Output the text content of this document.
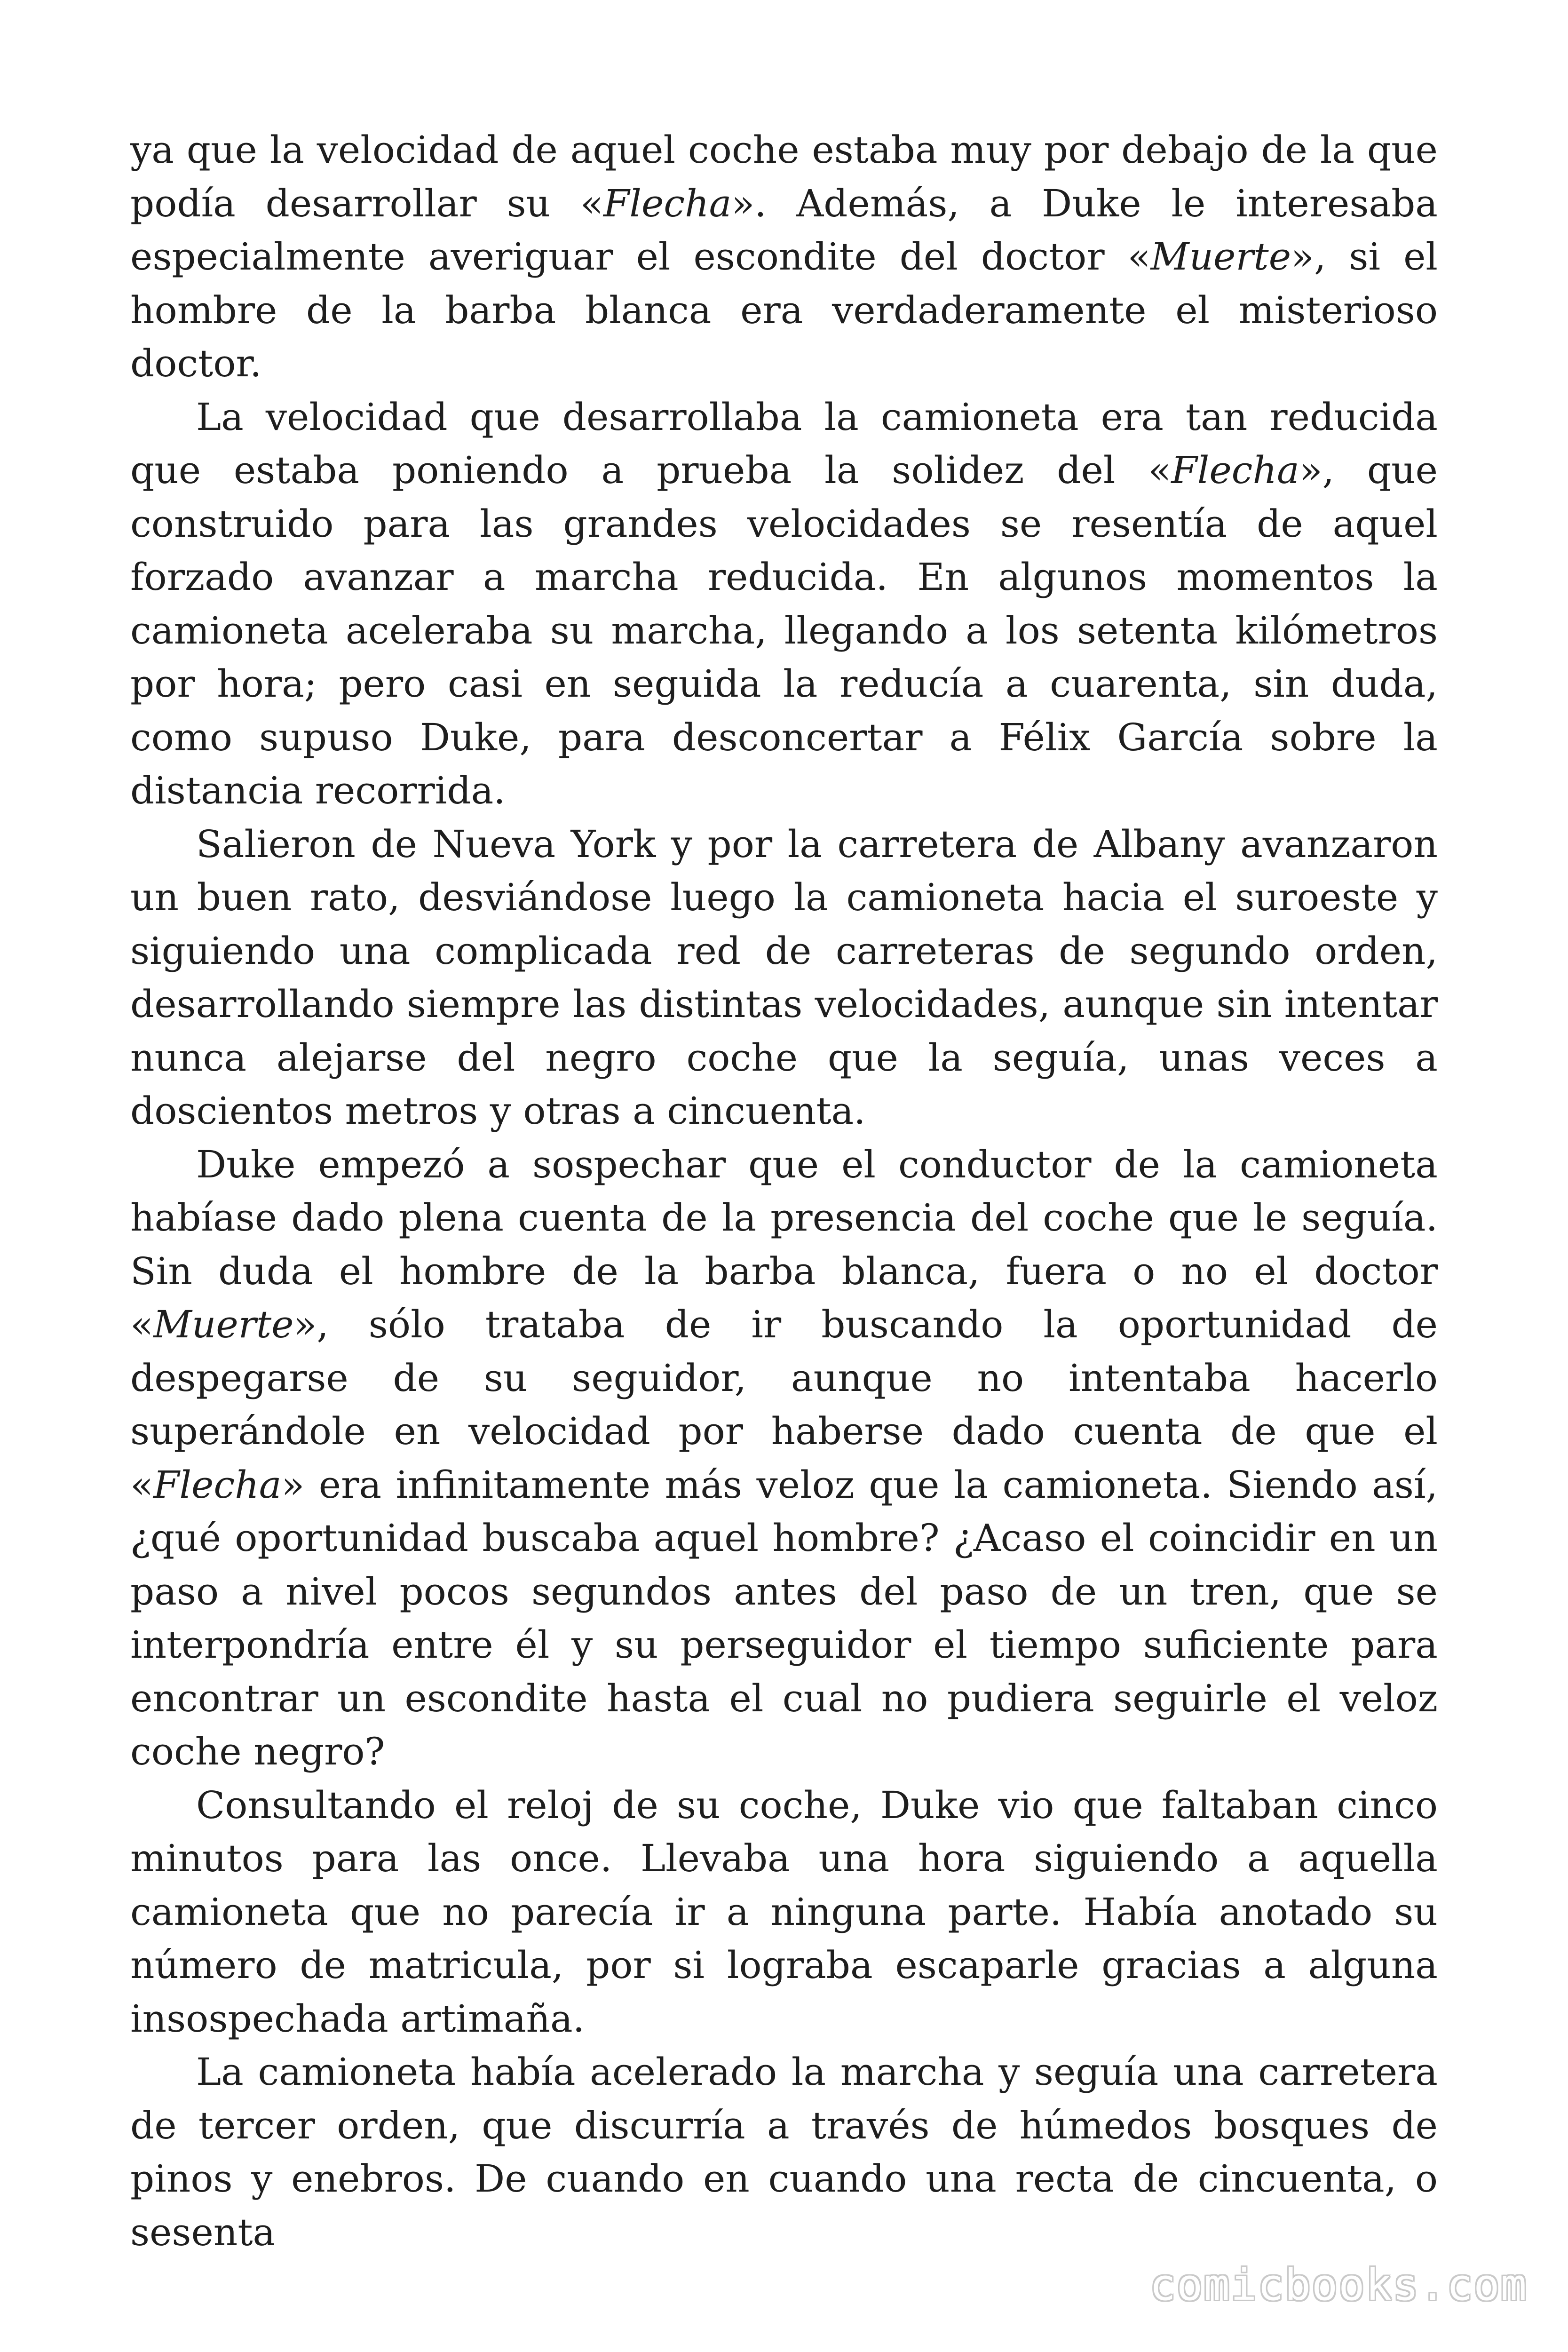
ya que la velocidad de aquel coche estaba muy por debajo de la que podía desarrollar su «Flecha». Además, a Duke le interesaba especialmente averiguar el escondite del doctor «Muerte», si el hombre de la barba blanca era verdaderamente el misterioso doctor.

La velocidad que desarrollaba la camioneta era tan reducida que estaba poniendo a prueba la solidez del «Flecha», que construido para las grandes velocidades se resentía de aquel forzado avanzar a marcha reducida. En algunos momentos la camioneta aceleraba su marcha, llegando a los setenta kilómetros por hora; pero casi en seguida la reducía a cuarenta, sin duda, como supuso Duke, para desconcertar a Félix García sobre la distancia recorrida.

Salieron de Nueva York y por la carretera de Albany avanzaron un buen rato, desviándose luego la camioneta hacia el suroeste y siguiendo una complicada red de carreteras de segundo orden, desarrollando siempre las distintas velocidades, aunque sin intentar nunca alejarse del negro coche que la seguía, unas veces a doscientos metros y otras a cincuenta.

Duke empezó a sospechar que el conductor de la camioneta habíase dado plena cuenta de la presencia del coche que le seguía. Sin duda el hombre de la barba blanca, fuera o no el doctor «Muerte», sólo trataba de ir buscando la oportunidad de despegarse de su seguidor, aunque no intentaba hacerlo superándole en velocidad por haberse dado cuenta de que el «Flecha» era infinitamente más veloz que la camioneta. Siendo así, ¿qué oportunidad buscaba aquel hombre? ¿Acaso el coincidir en un paso a nivel pocos segundos antes del paso de un tren, que se interpondría entre él y su perseguidor el tiempo suficiente para encontrar un escondite hasta el cual no pudiera seguirle el veloz coche negro?

Consultando el reloj de su coche, Duke vio que faltaban cinco minutos para las once. Llevaba una hora siguiendo a aquella camioneta que no parecía ir a ninguna parte. Había anotado su número de matricula, por si lograba escaparle gracias a alguna insospechada artimaña.

La camioneta había acelerado la marcha y seguía una carretera de tercer orden, que discurría a través de húmedos bosques de pinos y enebros. De cuando en cuando una recta de cincuenta, o sesenta

comicbooks.com
